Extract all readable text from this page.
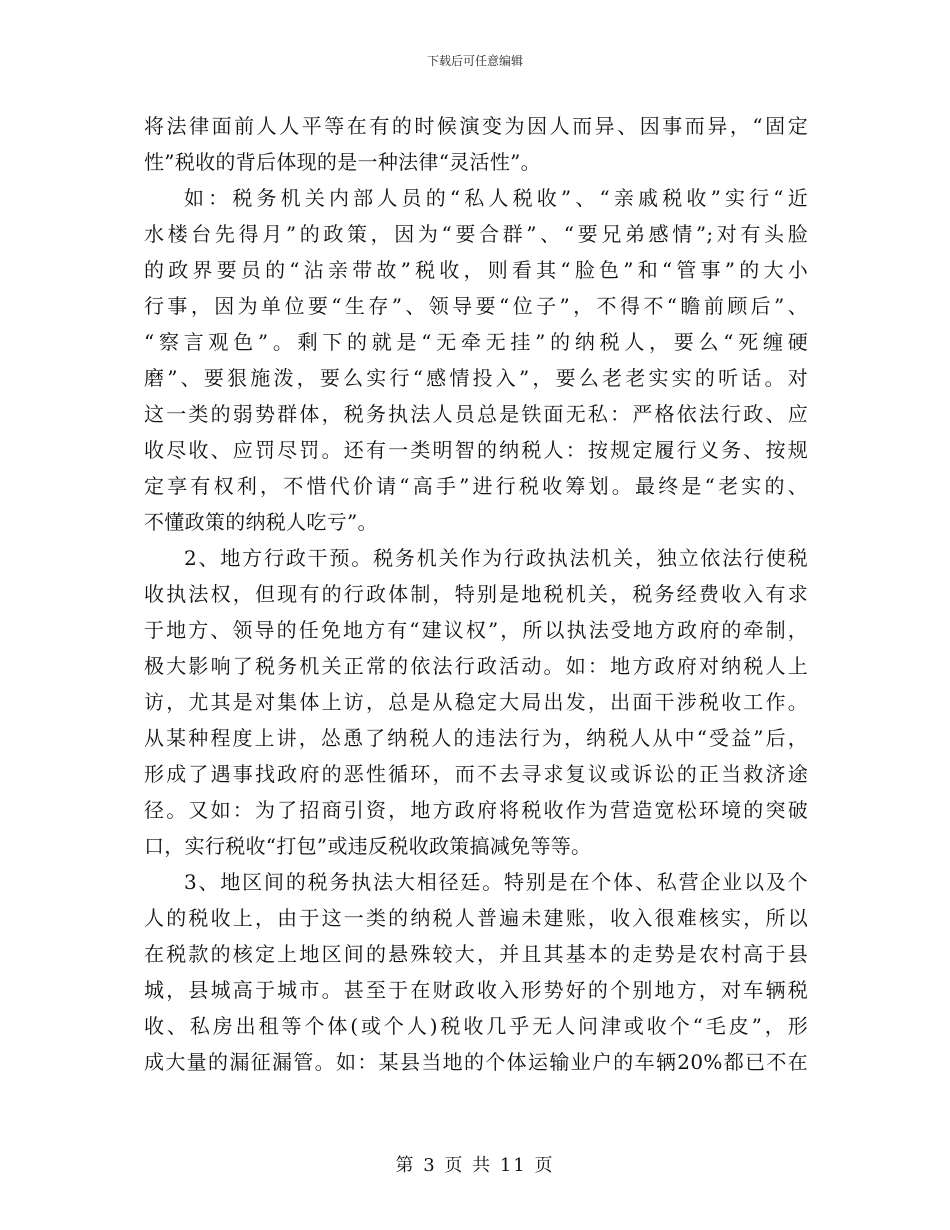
下载后可任意编辑
将法律面前人人平等在有的时候演变为因人而异、因事而异，“固定
性”税收的背后体现的是一种法律“灵活性”。
如：税务机关内部人员的“私人税收”、“亲戚税收”实行“近
水楼台先得月”的政策，因为“要合群”、“要兄弟感情”;对有头脸
的政界要员的“沾亲带故”税收，则看其“脸色”和“管事”的大小
行事，因为单位要“生存”、领导要“位子”，不得不“瞻前顾后”、
“察言观色”。剩下的就是“无牵无挂”的纳税人，要么“死缠硬
磨”、要狠施泼，要么实行“感情投入”，要么老老实实的听话。对
这一类的弱势群体，税务执法人员总是铁面无私：严格依法行政、应
收尽收、应罚尽罚。还有一类明智的纳税人：按规定履行义务、按规
定享有权利，不惜代价请“高手”进行税收筹划。最终是“老实的、
不懂政策的纳税人吃亏”。
2、地方行政干预。税务机关作为行政执法机关，独立依法行使税
收执法权，但现有的行政体制，特别是地税机关，税务经费收入有求
于地方、领导的任免地方有“建议权”，所以执法受地方政府的牵制，
极大影响了税务机关正常的依法行政活动。如：地方政府对纳税人上
访，尤其是对集体上访，总是从稳定大局出发，出面干涉税收工作。
从某种程度上讲，怂恿了纳税人的违法行为，纳税人从中“受益”后，
形成了遇事找政府的恶性循环，而不去寻求复议或诉讼的正当救济途
径。又如：为了招商引资，地方政府将税收作为营造宽松环境的突破
口，实行税收“打包”或违反税收政策搞减免等等。
3、地区间的税务执法大相径廷。特别是在个体、私营企业以及个
人的税收上，由于这一类的纳税人普遍未建账，收入很难核实，所以
在税款的核定上地区间的悬殊较大，并且其基本的走势是农村高于县
城，县城高于城市。甚至于在财政收入形势好的个别地方，对车辆税
收、私房出租等个体(或个人)税收几乎无人问津或收个“毛皮”，形
成大量的漏征漏管。如：某县当地的个体运输业户的车辆20%都已不在
第 3 页 共 11 页
